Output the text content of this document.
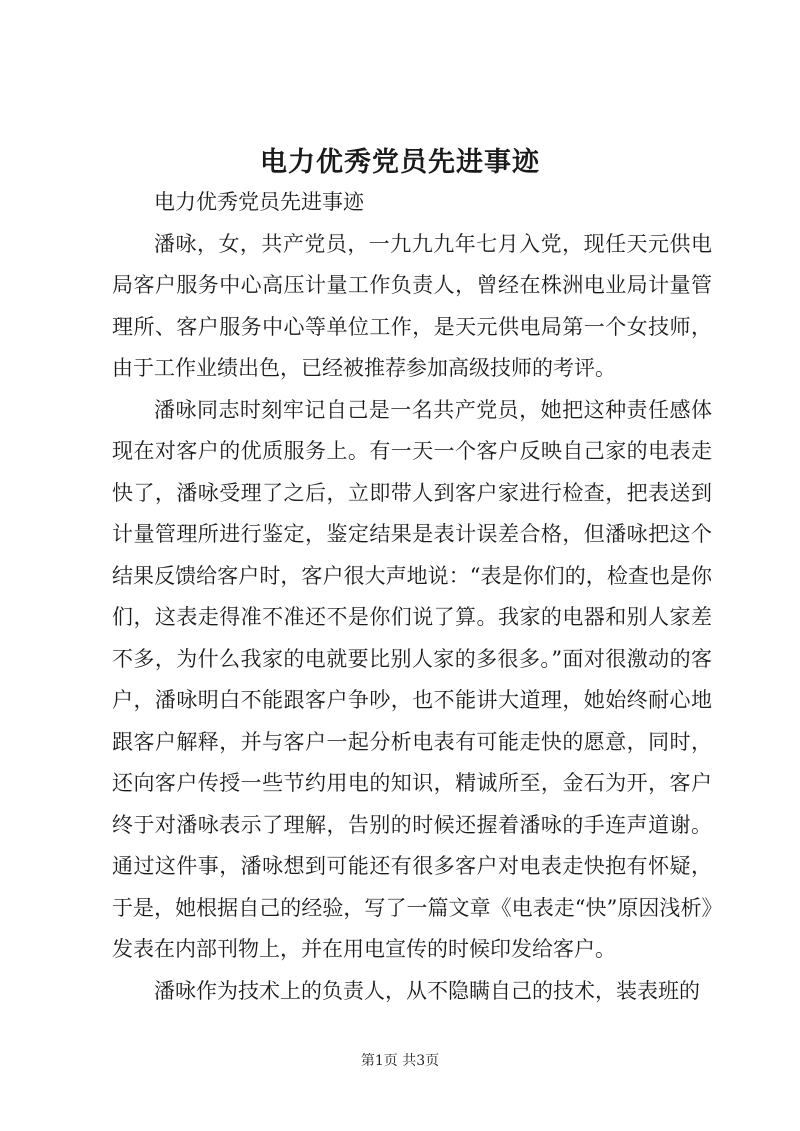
电力优秀党员先进事迹

电力优秀党员先进事迹

潘咏，女，共产党员，一九九九年七月入党，现任天元供电局客户服务中心高压计量工作负责人，曾经在株洲电业局计量管理所、客户服务中心等单位工作，是天元供电局第一个女技师，由于工作业绩出色，已经被推荐参加高级技师的考评。

潘咏同志时刻牢记自己是一名共产党员，她把这种责任感体现在对客户的优质服务上。有一天一个客户反映自己家的电表走快了，潘咏受理了之后，立即带人到客户家进行检查，把表送到计量管理所进行鉴定，鉴定结果是表计误差合格，但潘咏把这个结果反馈给客户时，客户很大声地说：“表是你们的，检查也是你们，这表走得准不准还不是你们说了算。我家的电器和别人家差不多，为什么我家的电就要比别人家的多很多。”面对很激动的客户，潘咏明白不能跟客户争吵，也不能讲大道理，她始终耐心地跟客户解释，并与客户一起分析电表有可能走快的愿意，同时，还向客户传授一些节约用电的知识，精诚所至，金石为开，客户终于对潘咏表示了理解，告别的时候还握着潘咏的手连声道谢。通过这件事，潘咏想到可能还有很多客户对电表走快抱有怀疑，于是，她根据自己的经验，写了一篇文章《电表走“快”原因浅析》发表在内部刊物上，并在用电宣传的时候印发给客户。

潘咏作为技术上的负责人，从不隐瞒自己的技术，装表班的

第1页 共3页
